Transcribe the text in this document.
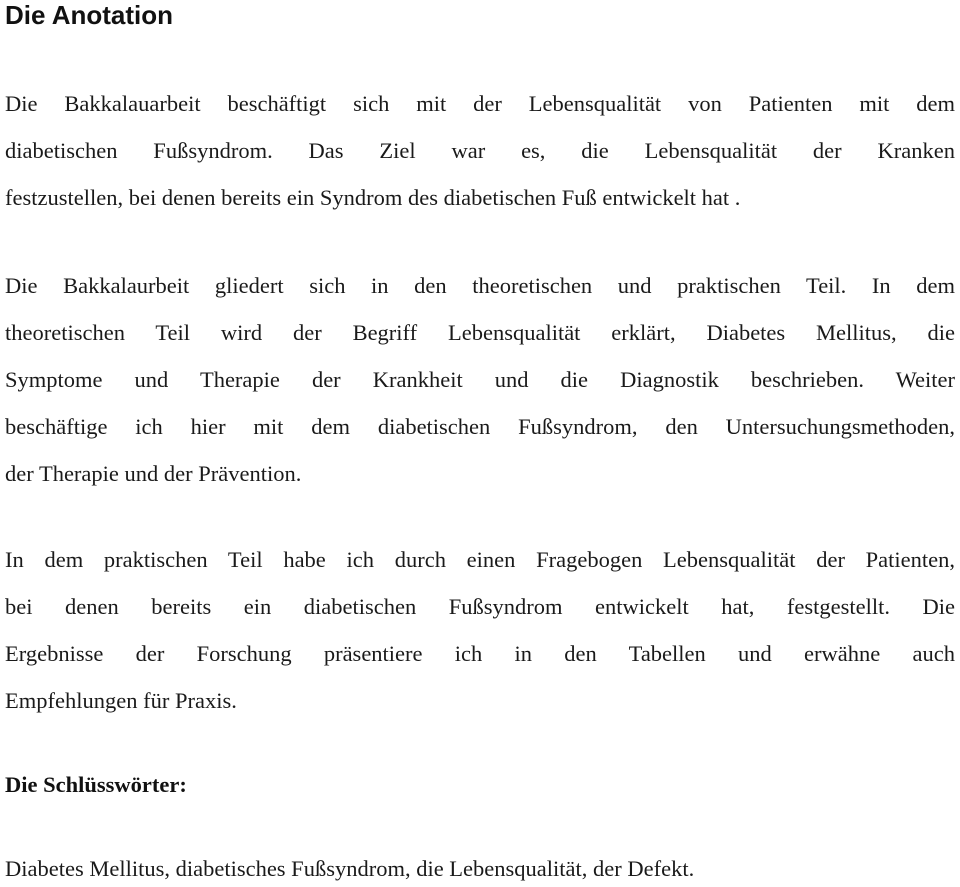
Die Anotation
Die Bakkalauarbeit beschäftigt sich mit der Lebensqualität von Patienten mit dem
diabetischen Fußsyndrom. Das Ziel war es, die Lebensqualität der Kranken
festzustellen, bei denen bereits ein Syndrom des diabetischen Fuß entwickelt hat .
Die Bakkalaurbeit gliedert sich in den theoretischen und praktischen Teil. In dem
theoretischen Teil wird der Begriff Lebensqualität erklärt, Diabetes Mellitus, die
Symptome und Therapie der Krankheit und die Diagnostik beschrieben. Weiter
beschäftige ich hier mit dem diabetischen Fußsyndrom, den Untersuchungsmethoden,
der Therapie und der Prävention.
In dem praktischen Teil habe ich durch einen Fragebogen Lebensqualität der Patienten,
bei denen bereits ein diabetischen Fußsyndrom entwickelt hat, festgestellt. Die
Ergebnisse der Forschung präsentiere ich in den Tabellen und erwähne auch
Empfehlungen für Praxis.
Die Schlüsswörter:

Diabetes Mellitus, diabetisches Fußsyndrom, die Lebensqualität, der Defekt.
